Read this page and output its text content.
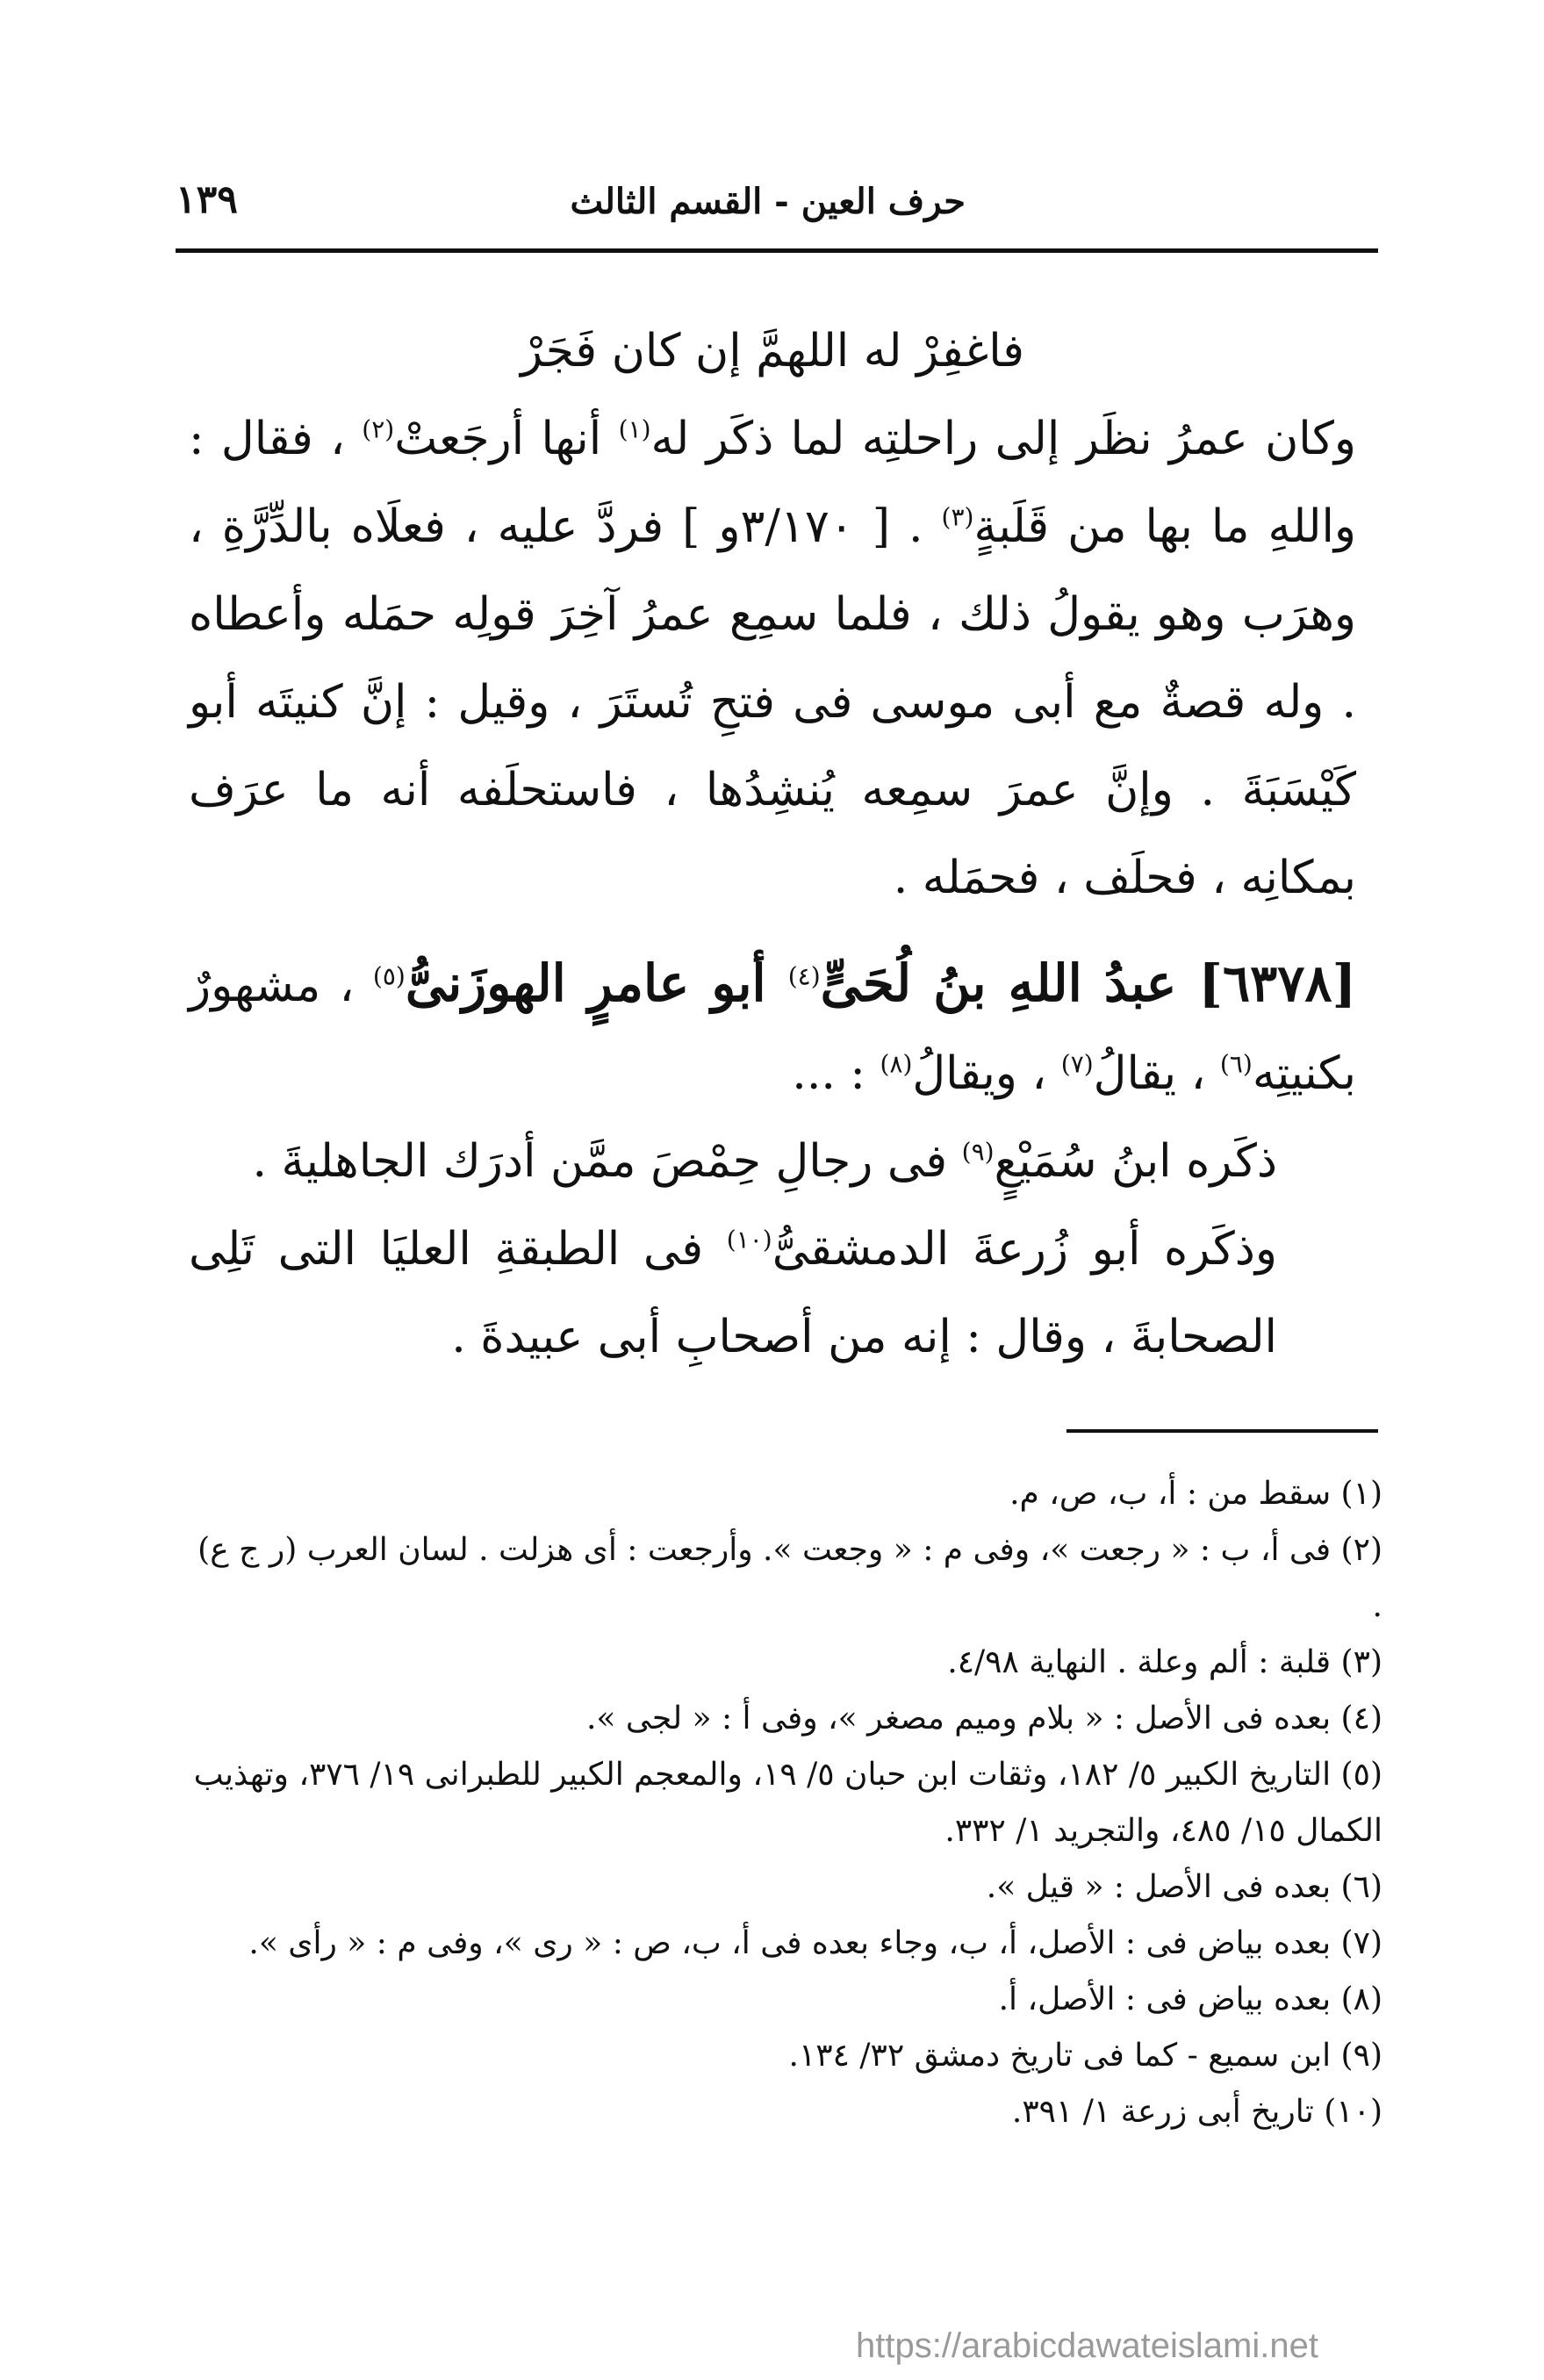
حرف العين - القسم الثالث
١٣٩

فاغفِرْ له اللهمَّ إن كان فَجَرْ

وكان عمرُ نظَر إلى راحلتِه لما ذكَر له$^{(١)}$ أنها أرجَعتْ$^{(٢)}$ ، فقال : واللهِ ما بها من قَلَبةٍ$^{(٣)}$ . [ ٣/١٧٠و ] فردَّ عليه ، فعلَاه بالدِّرَّةِ ، وهرَب وهو يقولُ ذلك ، فلما سمِع عمرُ آخِرَ قولِه حمَله وأعطاه . وله قصةٌ مع أبى موسى فى فتحِ تُستَرَ ، وقيل : إنَّ كنيتَه أبو كَيْسَبَةَ . وإنَّ عمرَ سمِعه يُنشِدُها ، فاستحلَفه أنه ما عرَف بمكانِه ، فحلَف ، فحمَله .

[٦٣٧٨] عبدُ اللهِ بنُ لُحَىٍّ$^{(٤)}$ أبو عامرٍ الهوزَنىُّ$^{(٥)}$ ، مشهورٌ بكنيتِه$^{(٦)}$ ، يقالُ$^{(٧)}$ ، ويقالُ$^{(٨)}$ : ...

ذكَره ابنُ سُمَيْعٍ$^{(٩)}$ فى رجالِ حِمْصَ ممَّن أدرَك الجاهليةَ .

وذكَره أبو زُرعةَ الدمشقىُّ$^{(١٠)}$ فى الطبقةِ العليَا التى تَلِى الصحابةَ ، وقال : إنه من أصحابِ أبى عبيدةَ .

(١) سقط من : أ، ب، ص، م.

(٢) فى أ، ب : « رجعت »، وفى م : « وجعت ». وأرجعت : أى هزلت . لسان العرب (ر ج ع) .

(٣) قلبة : ألم وعلة . النهاية ٤/٩٨.

(٤) بعده فى الأصل : « بلام وميم مصغر »، وفى أ : « لجى ».

(٥) التاريخ الكبير ٥/ ١٨٢، وثقات ابن حبان ٥/ ١٩، والمعجم الكبير للطبرانى ١٩/ ٣٧٦، وتهذيب الكمال ١٥/ ٤٨٥، والتجريد ١/ ٣٣٢.

(٦) بعده فى الأصل : « قيل ».

(٧) بعده بياض فى : الأصل، أ، ب، وجاء بعده فى أ، ب، ص : « رى »، وفى م : « رأى ».

(٨) بعده بياض فى : الأصل، أ.

(٩) ابن سميع - كما فى تاريخ دمشق ٣٢/ ١٣٤.

(١٠) تاريخ أبى زرعة ١/ ٣٩١.

https://arabicdawateislami.net
